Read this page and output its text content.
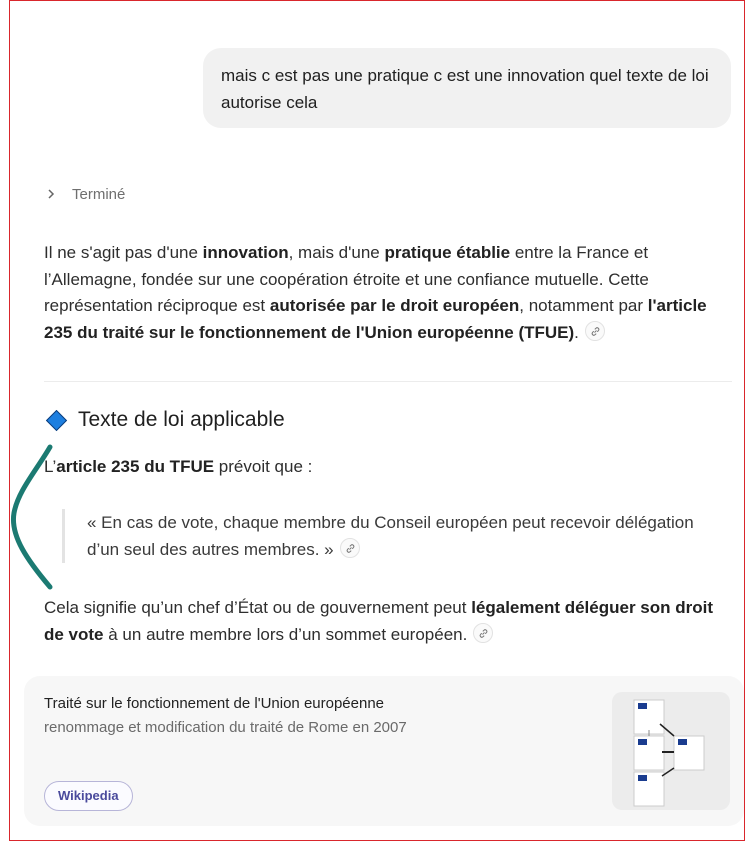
mais c est pas une pratique c est une innovation quel texte de loi autorise cela
Terminé
Il ne s'agit pas d'une innovation, mais d'une pratique établie entre la France et l’Allemagne, fondée sur une coopération étroite et une confiance mutuelle. Cette représentation réciproque est autorisée par le droit européen, notamment par l'article 235 du traité sur le fonctionnement de l'Union européenne (TFUE).
Texte de loi applicable
L’article 235 du TFUE prévoit que :
« En cas de vote, chaque membre du Conseil européen peut recevoir délégation d’un seul des autres membres. »
Cela signifie qu’un chef d’État ou de gouvernement peut légalement déléguer son droit de vote à un autre membre lors d’un sommet européen.
Traité sur le fonctionnement de l'Union européenne
renommage et modification du traité de Rome en 2007
Wikipedia
